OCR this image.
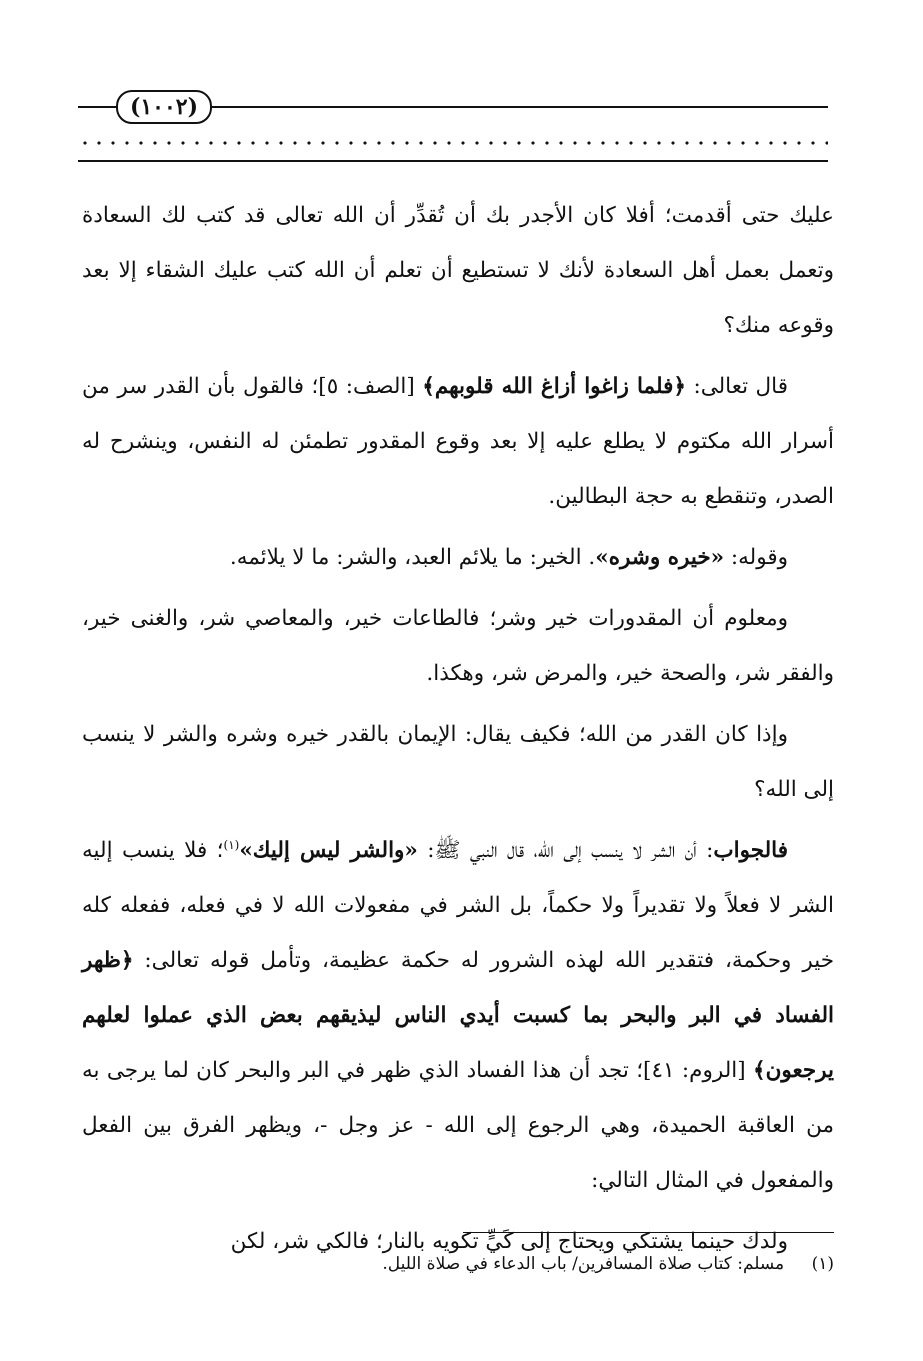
(١٠٠٢)

عليك حتى أقدمت؛ أفلا كان الأجدر بك أن تُقدِّر أن الله تعالى قد كتب لك السعادة وتعمل بعمل أهل السعادة لأنك لا تستطيع أن تعلم أن الله كتب عليك الشقاء إلا بعد وقوعه منك؟

قال تعالى: ﴿فلما زاغوا أزاغ الله قلوبهم﴾ [الصف: ٥]؛ فالقول بأن القدر سر من أسرار الله مكتوم لا يطلع عليه إلا بعد وقوع المقدور تطمئن له النفس، وينشرح له الصدر، وتنقطع به حجة البطالين.

وقوله: «خيره وشره». الخير: ما يلائم العبد، والشر: ما لا يلائمه.

ومعلوم أن المقدورات خير وشر؛ فالطاعات خير، والمعاصي شر، والغنى خير، والفقر شر، والصحة خير، والمرض شر، وهكذا.

وإذا كان القدر من الله؛ فكيف يقال: الإيمان بالقدر خيره وشره والشر لا ينسب إلى الله؟

فالجواب: أن الشر لا ينسب إلى الله، قال النبي ﷺ: «والشر ليس إليك»$^{(١)}$؛ فلا ينسب إليه الشر لا فعلاً ولا تقديراً ولا حكماً، بل الشر في مفعولات الله لا في فعله، ففعله كله خير وحكمة، فتقدير الله لهذه الشرور له حكمة عظيمة، وتأمل قوله تعالى: ﴿ظهر الفساد في البر والبحر بما كسبت أيدي الناس ليذيقهم بعض الذي عملوا لعلهم يرجعون﴾ [الروم: ٤١]؛ تجد أن هذا الفساد الذي ظهر في البر والبحر كان لما يرجى به من العاقبة الحميدة، وهي الرجوع إلى الله - عز وجل -، ويظهر الفرق بين الفعل والمفعول في المثال التالي:

ولدك حينما يشتكي ويحتاج إلى كَيٍّ تكويه بالنار؛ فالكي شر، لكن

(١) مسلم: كتاب صلاة المسافرين/ باب الدعاء في صلاة الليل.
